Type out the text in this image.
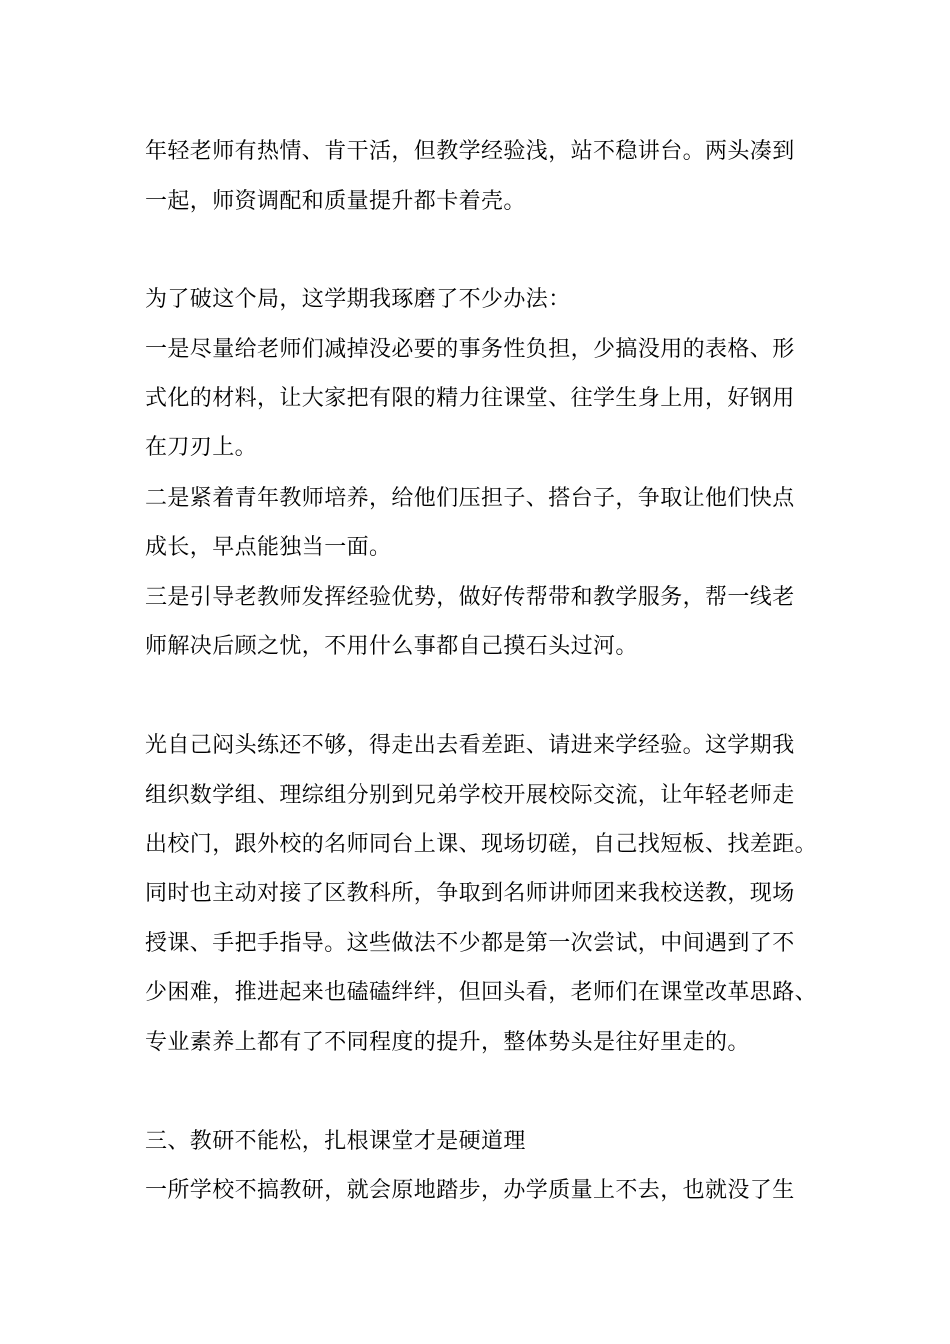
年轻老师有热情、肯干活，但教学经验浅，站不稳讲台。两头凑到
一起，师资调配和质量提升都卡着壳。
为了破这个局，这学期我琢磨了不少办法：
一是尽量给老师们减掉没必要的事务性负担，少搞没用的表格、形
式化的材料，让大家把有限的精力往课堂、往学生身上用，好钢用
在刀刃上。
二是紧着青年教师培养，给他们压担子、搭台子，争取让他们快点
成长，早点能独当一面。
三是引导老教师发挥经验优势，做好传帮带和教学服务，帮一线老
师解决后顾之忧，不用什么事都自己摸石头过河。
光自己闷头练还不够，得走出去看差距、请进来学经验。这学期我
组织数学组、理综组分别到兄弟学校开展校际交流，让年轻老师走
出校门，跟外校的名师同台上课、现场切磋，自己找短板、找差距。
同时也主动对接了区教科所，争取到名师讲师团来我校送教，现场
授课、手把手指导。这些做法不少都是第一次尝试，中间遇到了不
少困难，推进起来也磕磕绊绊，但回头看，老师们在课堂改革思路、
专业素养上都有了不同程度的提升，整体势头是往好里走的。
三、教研不能松，扎根课堂才是硬道理
一所学校不搞教研，就会原地踏步，办学质量上不去，也就没了生
